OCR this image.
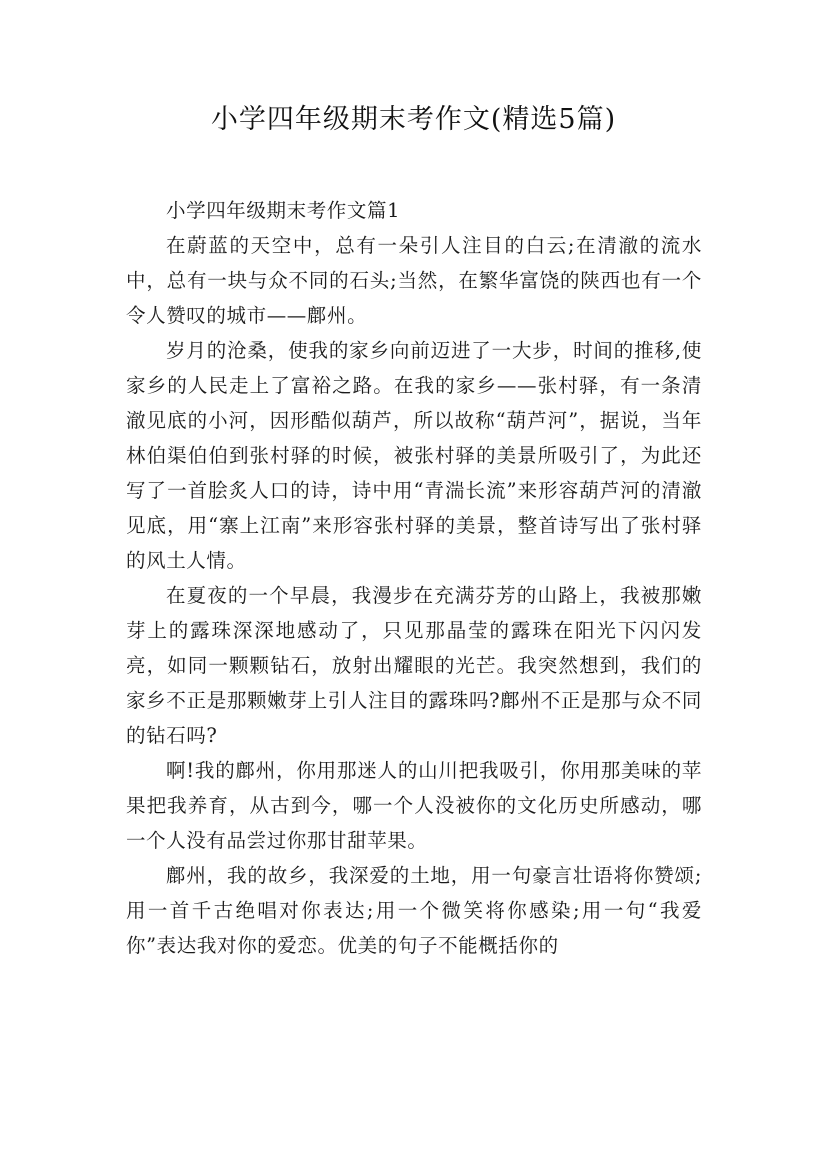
小学四年级期末考作文(精选5篇)
小学四年级期末考作文篇1

在蔚蓝的天空中，总有一朵引人注目的白云;在清澈的流水中，总有一块与众不同的石头;当然，在繁华富饶的陕西也有一个令人赞叹的城市——鄜州。

岁月的沧桑，使我的家乡向前迈进了一大步，时间的推移,使家乡的人民走上了富裕之路。在我的家乡——张村驿，有一条清澈见底的小河，因形酷似葫芦，所以故称“葫芦河”，据说，当年林伯渠伯伯到张村驿的时候，被张村驿的美景所吸引了，为此还写了一首脍炙人口的诗，诗中用“青湍长流”来形容葫芦河的清澈见底，用“寨上江南”来形容张村驿的美景，整首诗写出了张村驿的风土人情。

在夏夜的一个早晨，我漫步在充满芬芳的山路上，我被那嫩芽上的露珠深深地感动了，只见那晶莹的露珠在阳光下闪闪发亮，如同一颗颗钻石，放射出耀眼的光芒。我突然想到，我们的家乡不正是那颗嫩芽上引人注目的露珠吗?鄜州不正是那与众不同的钻石吗?

啊!我的鄜州，你用那迷人的山川把我吸引，你用那美味的苹果把我养育，从古到今，哪一个人没被你的文化历史所感动，哪一个人没有品尝过你那甘甜苹果。

鄜州，我的故乡，我深爱的土地，用一句豪言壮语将你赞颂;用一首千古绝唱对你表达;用一个微笑将你感染;用一句“我爱你”表达我对你的爱恋。优美的句子不能概括你的
